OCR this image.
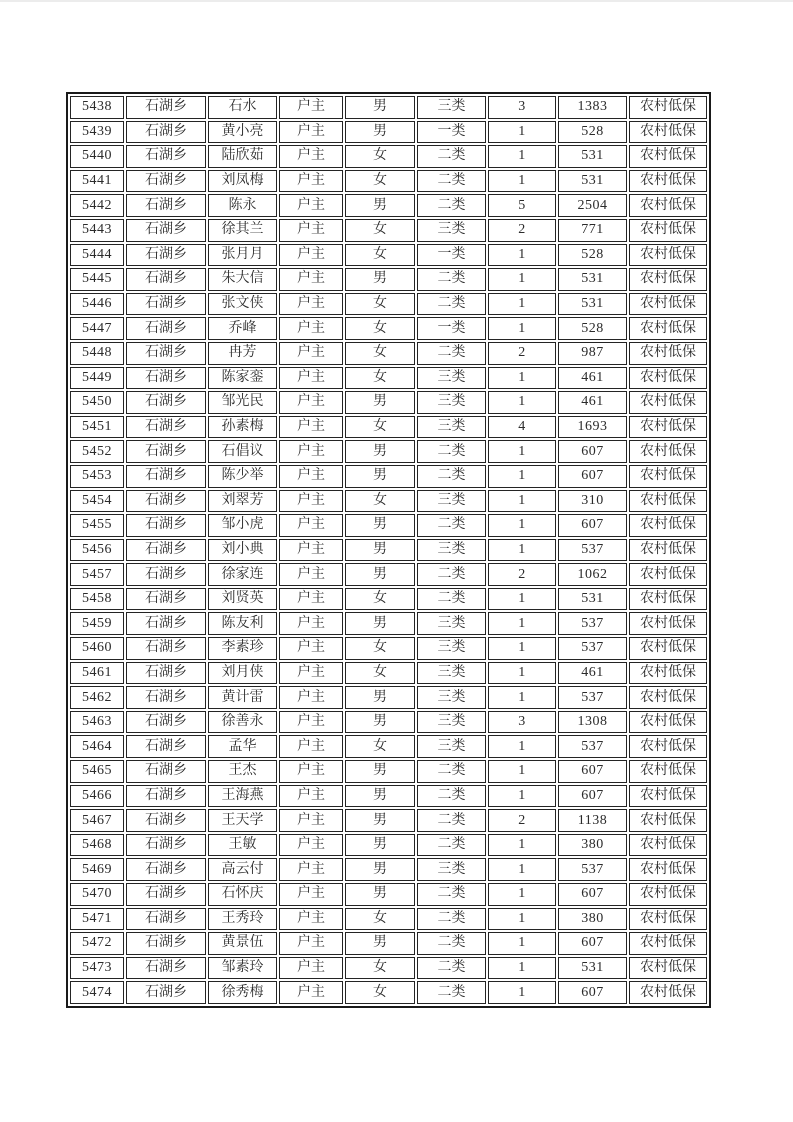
5438	石湖乡	石水	户主	男	三类	3	1383	农村低保
5439	石湖乡	黄小亮	户主	男	一类	1	528	农村低保
5440	石湖乡	陆欣茹	户主	女	二类	1	531	农村低保
5441	石湖乡	刘凤梅	户主	女	二类	1	531	农村低保
5442	石湖乡	陈永	户主	男	二类	5	2504	农村低保
5443	石湖乡	徐其兰	户主	女	三类	2	771	农村低保
5444	石湖乡	张月月	户主	女	一类	1	528	农村低保
5445	石湖乡	朱大信	户主	男	二类	1	531	农村低保
5446	石湖乡	张文侠	户主	女	二类	1	531	农村低保
5447	石湖乡	乔峰	户主	女	一类	1	528	农村低保
5448	石湖乡	冉芳	户主	女	二类	2	987	农村低保
5449	石湖乡	陈家銮	户主	女	三类	1	461	农村低保
5450	石湖乡	邹光民	户主	男	三类	1	461	农村低保
5451	石湖乡	孙素梅	户主	女	三类	4	1693	农村低保
5452	石湖乡	石倡议	户主	男	二类	1	607	农村低保
5453	石湖乡	陈少举	户主	男	二类	1	607	农村低保
5454	石湖乡	刘翠芳	户主	女	三类	1	310	农村低保
5455	石湖乡	邹小虎	户主	男	二类	1	607	农村低保
5456	石湖乡	刘小典	户主	男	三类	1	537	农村低保
5457	石湖乡	徐家连	户主	男	二类	2	1062	农村低保
5458	石湖乡	刘贤英	户主	女	二类	1	531	农村低保
5459	石湖乡	陈友利	户主	男	三类	1	537	农村低保
5460	石湖乡	李素珍	户主	女	三类	1	537	农村低保
5461	石湖乡	刘月侠	户主	女	三类	1	461	农村低保
5462	石湖乡	黄计雷	户主	男	三类	1	537	农村低保
5463	石湖乡	徐善永	户主	男	三类	3	1308	农村低保
5464	石湖乡	孟华	户主	女	三类	1	537	农村低保
5465	石湖乡	王杰	户主	男	二类	1	607	农村低保
5466	石湖乡	王海燕	户主	男	二类	1	607	农村低保
5467	石湖乡	王天学	户主	男	二类	2	1138	农村低保
5468	石湖乡	王敏	户主	男	二类	1	380	农村低保
5469	石湖乡	高云付	户主	男	三类	1	537	农村低保
5470	石湖乡	石怀庆	户主	男	二类	1	607	农村低保
5471	石湖乡	王秀玲	户主	女	二类	1	380	农村低保
5472	石湖乡	黄景伍	户主	男	二类	1	607	农村低保
5473	石湖乡	邹素玲	户主	女	二类	1	531	农村低保
5474	石湖乡	徐秀梅	户主	女	二类	1	607	农村低保
